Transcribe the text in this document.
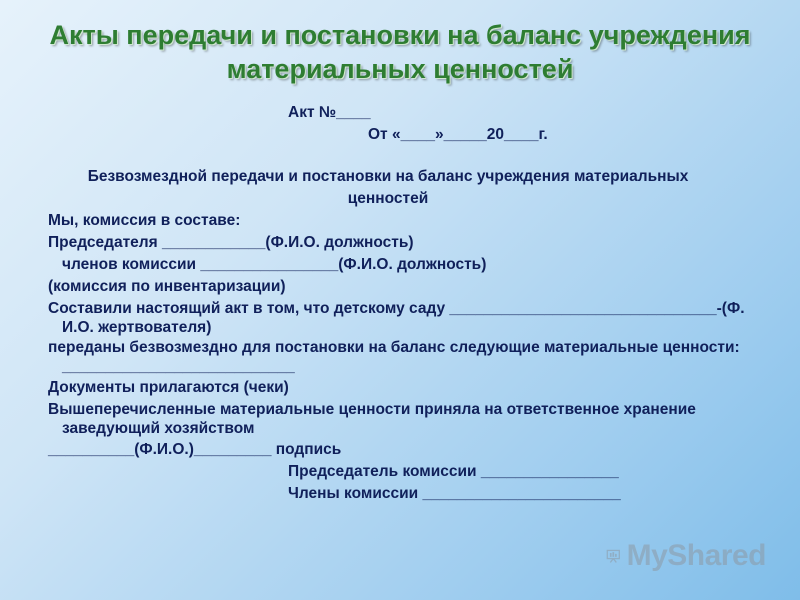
Акты передачи и постановки на баланс учреждения материальных ценностей
Акт №____
От «____»_____20____г.
Безвозмездной передачи и постановки на баланс учреждения материальных ценностей
Мы, комиссия в составе:
Председателя ____________(Ф.И.О. должность)
членов комиссии ________________(Ф.И.О. должность)
(комиссия по инвентаризации)
Составили настоящий акт в том, что детскому саду _______________________________-(Ф. И.О. жертвователя)
переданы безвозмездно для постановки на баланс следующие материальные ценности: ___________________________
Документы прилагаются (чеки)
Вышеперечисленные материальные ценности приняла на ответственное хранение заведующий хозяйством
__________(Ф.И.О.)_________ подпись
Председатель комиссии ________________
Члены комиссии _______________________
MyShared
